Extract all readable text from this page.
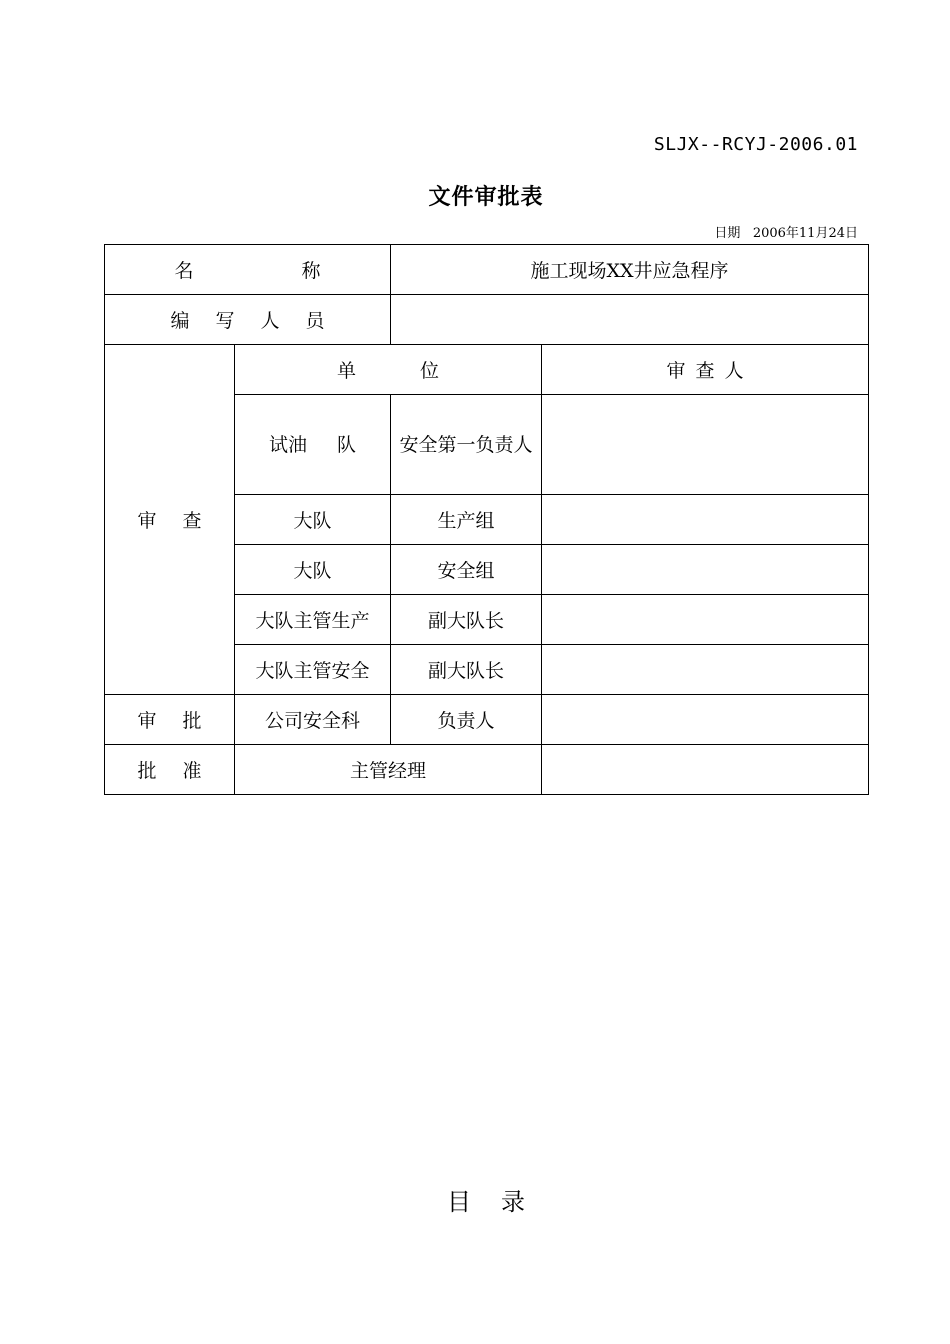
SLJX--RCYJ-2006.01
文件审批表
日期 2006年11月24日
名 称		施工现场XX井应急程序	
编 写 人 员			
审 查	单 位		审 查 人
	试油 队	安全第一负责人	
	大队	生产组	
	大队	安全组	
	大队主管生产	副大队长	
	大队主管安全	副大队长	
审 批	公司安全科	负责人	
批 准	主管经理		
目 录
